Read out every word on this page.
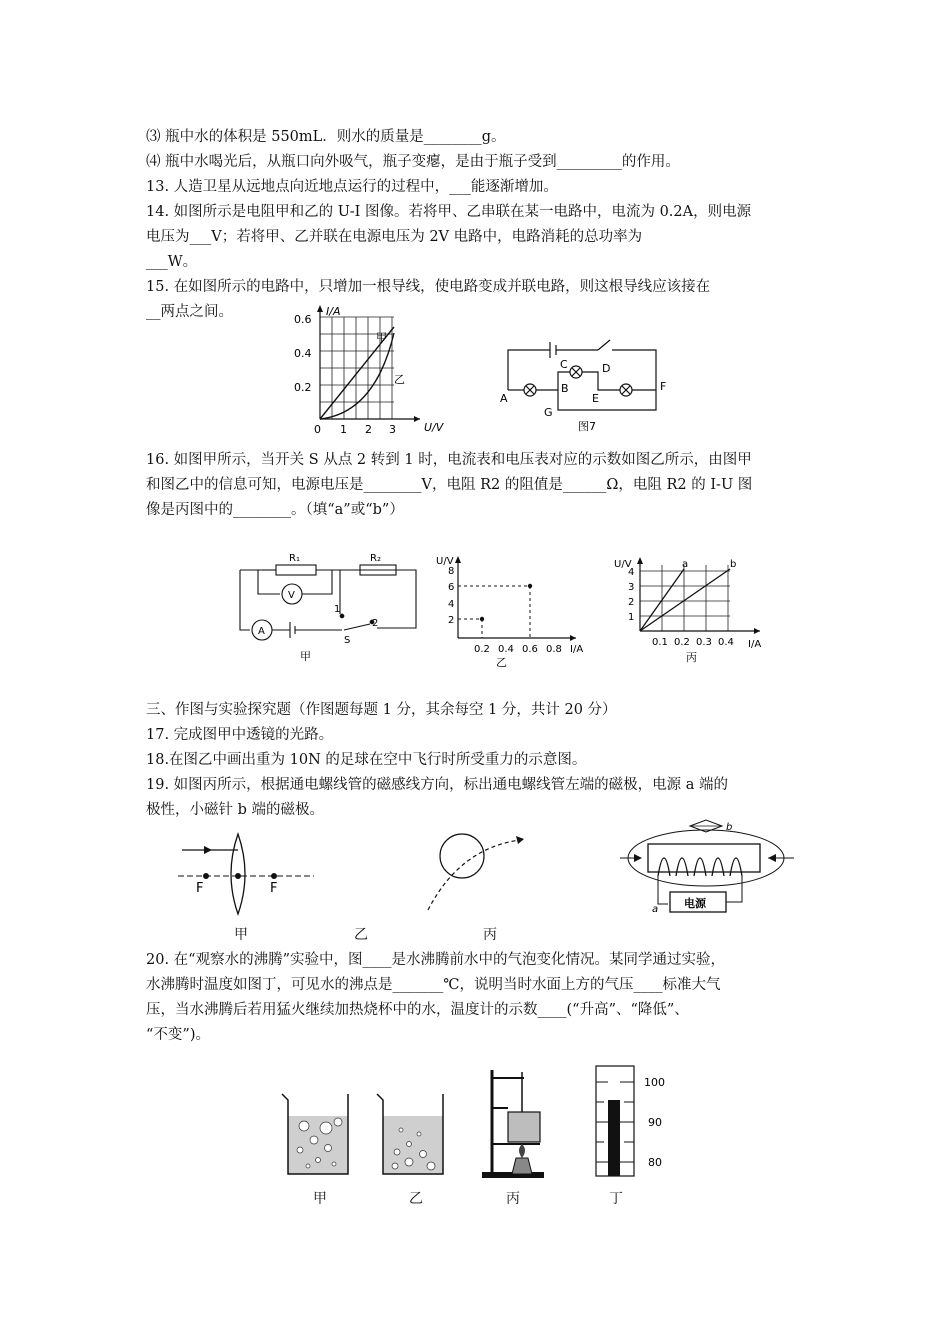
⑶ 瓶中水的体积是 550mL．则水的质量是________g。
⑷ 瓶中水喝光后，从瓶口向外吸气，瓶子变瘪，是由于瓶子受到_________的作用。
13. 人造卫星从远地点向近地点运行的过程中，___能逐渐增加。
14. 如图所示是电阻甲和乙的 U-I 图像。若将甲、乙串联在某一电路中，电流为 0.2A，则电源
电压为___V；若将甲、乙并联在电源电压为 2V 电路中，电路消耗的总功率为
___W。
15. 在如图所示的电路中，只增加一根导线，使电路变成并联电路，则这根导线应该接在
__两点之间。	I/A
U/V
0.6
0.4
0.2
0 1 2 3
甲
乙
A
B
C	D
E
F
G
图7
16. 如图甲所示，当开关 S 从点 2 转到 1 时，电流表和电压表对应的示数如图乙所示，由图甲
和图乙中的信息可知，电源电压是________V，电阻 R2 的阻值是______Ω，电阻 R2 的 I-U 图
像是丙图中的________。（填“a”或“b”）
R₁	R₂
V
A
1
2
S
甲
U/V
I/A
8
6
4
2
0.2 0.4 0.6 0.8
乙
U/V
I/A
4
3
2
1
0.1 0.2 0.3 0.4
a	b
丙
三、作图与实验探究题（作图题每题 1 分，其余每空 1 分，共计 20 分）
17. 完成图甲中透镜的光路。
18.在图乙中画出重为 10N 的足球在空中飞行时所受重力的示意图。
19. 如图丙所示，根据通电螺线管的磁感线方向，标出通电螺线管左端的磁极，电源 a 端的
极性，小磁针 b 端的磁极。
F	F
甲	乙
电源
a
b
丙
20. 在“观察水的沸腾”实验中，图____是水沸腾前水中的气泡变化情况。某同学通过实验，
水沸腾时温度如图丁，可见水的沸点是_______℃，说明当时水面上方的气压____标准大气
压，当水沸腾后若用猛火继续加热烧杯中的水，温度计的示数____(“升高”、“降低”、
“不变”)。
100
90
80
甲	乙	丙	丁
